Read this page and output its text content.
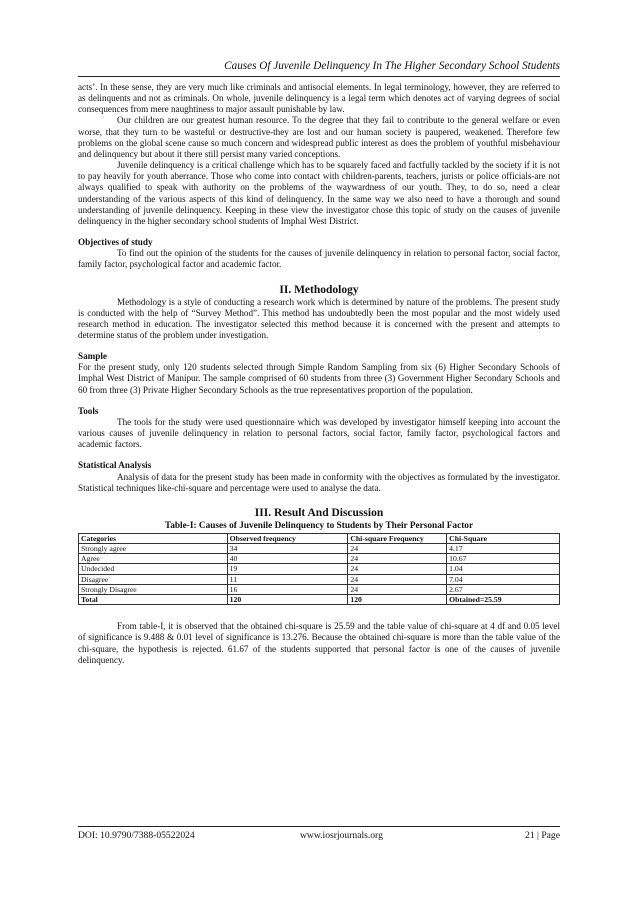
Causes Of Juvenile Delinquency In The Higher Secondary School Students

acts’. In these sense, they are very much like criminals and antisocial elements. In legal terminology, however, they are referred to as delinquents and not as criminals. On whole, juvenile delinquency is a legal term which denotes act of varying degrees of social consequences from mere naughtiness to major assault punishable by law.

Our children are our greatest human resource. To the degree that they fail to contribute to the general welfare or even worse, that they turn to be wasteful or destructive-they are lost and our human society is paupered, weakened. Therefore few problems on the global scene cause so much concern and widespread public interest as does the problem of youthful misbehaviour and delinquency but about it there still persist many varied conceptions.

Juvenile delinquency is a critical challenge which has to be squarely faced and factfully tackled by the society if it is not to pay heavily for youth aberrance. Those who come into contact with children-parents, teachers, jurists or police officials-are not always qualified to speak with authority on the problems of the waywardness of our youth. They, to do so, need a clear understanding of the various aspects of this kind of delinquency. In the same way we also need to have a thorough and sound understanding of juvenile delinquency. Keeping in these view the investigator chose this topic of study on the causes of juvenile delinquency in the higher secondary school students of Imphal West District.

Objectives of study

To find out the opinion of the students for the causes of juvenile delinquency in relation to personal factor, social factor, family factor, psychological factor and academic factor.

II. Methodology

Methodology is a style of conducting a research work which is determined by nature of the problems. The present study is conducted with the help of “Survey Method”. This method has undoubtedly been the most popular and the most widely used research method in education. The investigator selected this method because it is concerned with the present and attempts to determine status of the problem under investigation.

Sample

For the present study, only 120 students selected through Simple Random Sampling from six (6) Higher Secondary Schools of Imphal West District of Manipur. The sample comprised of 60 students from three (3) Government Higher Secondary Schools and 60 from three (3) Private Higher Secondary Schools as the true representatives proportion of the population.

Tools

The tools for the study were used questionnaire which was developed by investigator himself keeping into account the various causes of juvenile delinquency in relation to personal factors, social factor, family factor, psychological factors and academic factors.

Statistical Analysis

Analysis of data for the present study has been made in conformity with the objectives as formulated by the investigator. Statistical techniques like-chi-square and percentage were used to analyse the data.

III. Result And Discussion
Table-I: Causes of Juvenile Delinquency to Students by Their Personal Factor
Categories	Observed frequency	Chi-square Frequency	Chi-Square
Strongly agree	34	24	4.17
Agree	40	24	10.67
Undecided	19	24	1.04
Disagree	11	24	7.04
Strongly Disagree	16	24	2.67
Total	120	120	Obtained=25.59

From table-I, it is observed that the obtained chi-square is 25.59 and the table value of chi-square at 4 df and 0.05 level of significance is 9.488 & 0.01 level of significance is 13.276. Because the obtained chi-square is more than the table value of the chi-square, the hypothesis is rejected. 61.67 of the students supported that personal factor is one of the causes of juvenile delinquency.

DOI: 10.9790/7388-05522024	www.iosrjournals.org	21 | Page
